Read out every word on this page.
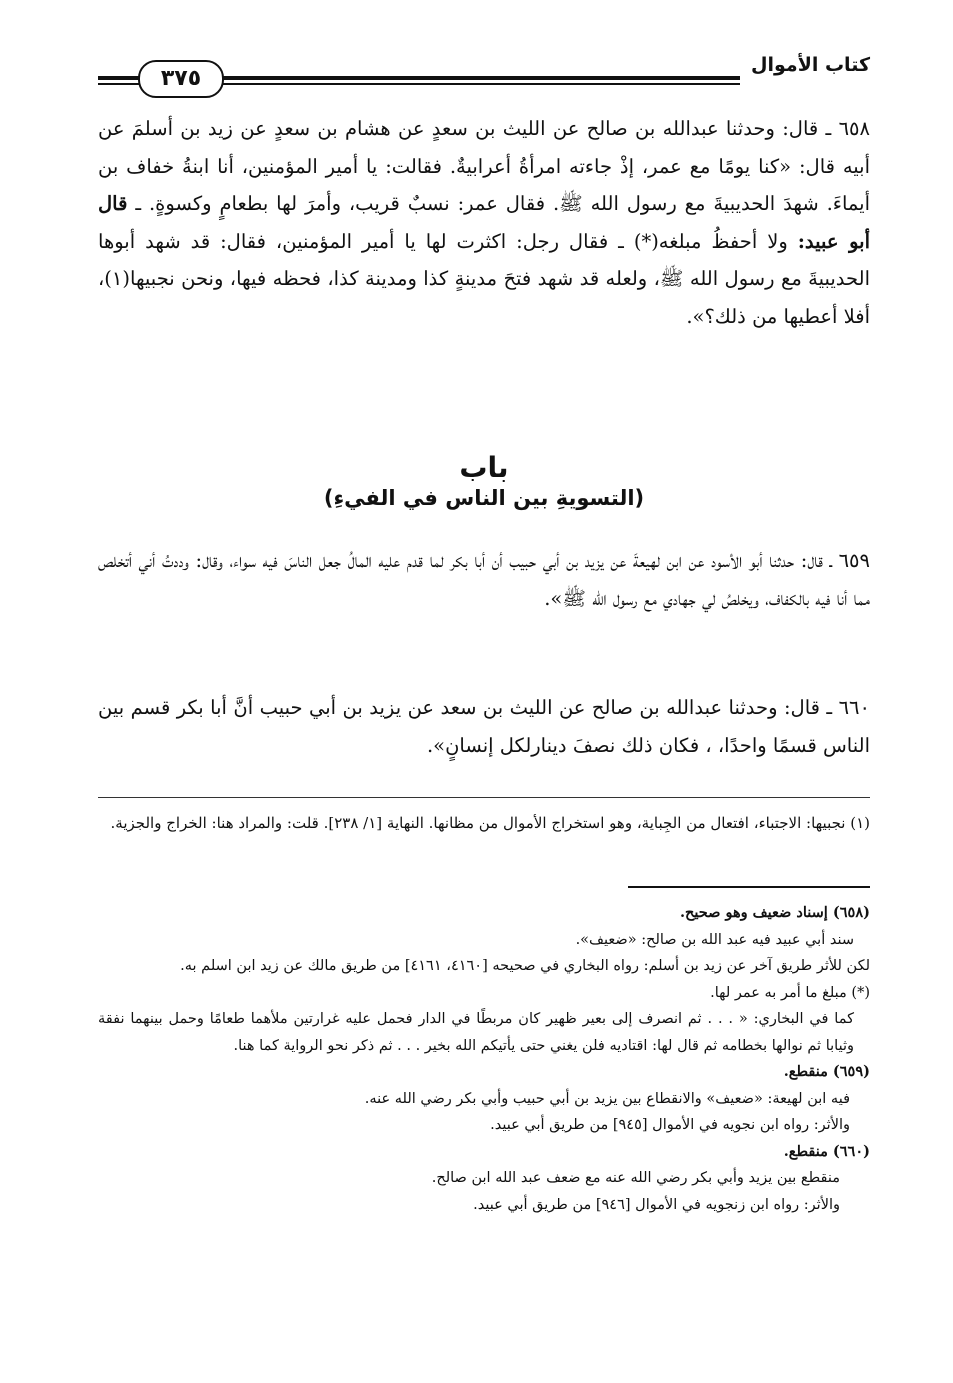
كتاب الأموال
٣٧٥

٦٥٨ ـ قال: وحدثنا عبدالله بن صالح عن الليث بن سعدٍ عن هشام بن سعدٍ عن زيد بن أسلمَ عن أبيه قال: «كنا يومًا مع عمر، إذْ جاءته امرأةُ أعرابيةٌ. فقالت: يا أمير المؤمنين، أنا ابنةُ خفاف بن أيماءَ. شهدَ الحديبيةَ مع رسول الله ﷺ. فقال عمر: نسبٌ قريب، وأمرَ لها بطعامٍ وكسوةٍ. ـ قال أبو عبيد: ولا أحفظُ مبلغه(*) ـ فقال رجل: اكثرت لها يا أمير المؤمنين، فقال: قد شهد أبوها الحديبيةَ مع رسول الله ﷺ، ولعله قد شهد فتحَ مدينةٍ كذا ومدينة كذا، فحظه فيها، ونحن نجبيها(١)، أفلا أعطيها من ذلك؟».

باب
(التسويةِ بين الناس في الفيءِ)

٦٥٩ ـ قال: حدثنا أبو الأسود عن ابن لهيعةَ عن يزيد بن أبي حبيب أن أبا بكر لما قدم عليه المالُ جعل الناسَ فيه سواء، وقال: وددتُ أني أتخلص مما أنا فيه بالكفاف، ويخلصُ لي جهادي مع رسول الله ﷺ».

٦٦٠ ـ قال: وحدثنا عبدالله بن صالح عن الليث بن سعد عن يزيد بن أبي حبيب أنَّ أبا بكر قسم بين الناس قسمًا واحدًا، ، فكان ذلك نصفَ دينارلكل إنسانٍ».

(١) نجبيها: الاجتباء، افتعال من الجِباية، وهو استخراج الأموال من مظانها. النهاية [١/ ٢٣٨]. قلت: والمراد هنا: الخراج والجزية.

(٦٥٨) إسناد ضعيف وهو صحيح.

سند أبي عبيد فيه عبد الله بن صالح: «ضعيف».

لكن للأثر طريق آخر عن زيد بن أسلم: رواه البخاري في صحيحه [٤١٦٠، ٤١٦١] من طريق مالك عن زيد ابن اسلم به.

(*) مبلغ ما أمر به عمر لها.

كما في البخاري: « . . . ثم انصرف إلى بعير ظهير كان مربطًا في الدار فحمل عليه غرارتين ملأهما طعامًا وحمل بينهما نفقة وثيابا ثم نوالها بخطامه ثم قال لها: اقتاديه فلن يغني حتى يأتيكم الله بخير . . . ثم ذكر نحو الرواية كما هنا.

(٦٥٩) منقطع.

فيه ابن لهيعة: «ضعيف» والانقطاع بين يزيد بن أبي حبيب وأبي بكر رضي الله عنه.

والأثر: رواه ابن نجويه في الأموال [٩٤٥] من طريق أبي عبيد.

(٦٦٠) منقطع.

منقطع بين يزيد وأبي بكر رضي الله عنه مع ضعف عبد الله ابن صالح.

والأثر: رواه ابن زنجويه في الأموال [٩٤٦] من طريق أبي عبيد.
